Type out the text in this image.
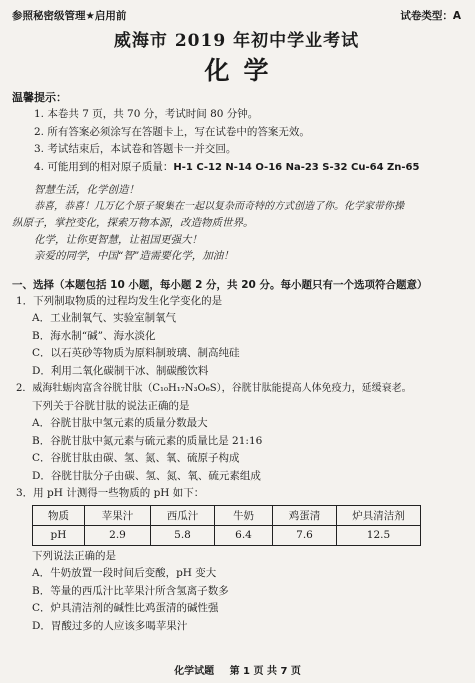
参照秘密级管理★启用前	试卷类型：A
威海市 2019 年初中学业考试
化学
温馨提示：
1. 本卷共 7 页，共 70 分，考试时间 80 分钟。
2. 所有答案必须涂写在答题卡上，写在试卷中的答案无效。
3. 考试结束后，本试卷和答题卡一并交回。
4. 可能用到的相对原子质量：H-1 C-12 N-14 O-16 Na-23 S-32 Cu-64 Zn-65
智慧生活，化学创造！
恭喜，恭喜！几万亿个原子聚集在一起以复杂而奇特的方式创造了你。化学家带你操
纵原子，掌控变化，探索万物本源，改造物质世界。
化学，让你更智慧，让祖国更强大！
亲爱的同学，中国“智”造需要化学，加油！
一、选择（本题包括 10 小题，每小题 2 分，共 20 分。每小题只有一个选项符合题意）
1．下列制取物质的过程均发生化学变化的是
A．工业制氧气、实验室制氧气
B．海水制“碱”、海水淡化
C．以石英砂等物质为原料制玻璃、制高纯硅
D．利用二氧化碳制干冰、制碳酸饮料
2．威海牡蛎肉富含谷胱甘肽（C₁₀H₁₇N₃O₆S），谷胱甘肽能提高人体免疫力，延缓衰老。
下列关于谷胱甘肽的说法正确的是
A．谷胱甘肽中氢元素的质量分数最大
B．谷胱甘肽中氮元素与硫元素的质量比是 21:16
C．谷胱甘肽由碳、氢、氮、氧、硫原子构成
D．谷胱甘肽分子由碳、氢、氮、氧、硫元素组成
3．用 pH 计测得一些物质的 pH 如下：
物质	苹果汁	西瓜汁	牛奶	鸡蛋清	炉具清洁剂
pH	2.9	5.8	6.4	7.6	12.5
下列说法正确的是
A．牛奶放置一段时间后变酸，pH 变大
B．等量的西瓜汁比苹果汁所含氢离子数多
C．炉具清洁剂的碱性比鸡蛋清的碱性强
D．胃酸过多的人应该多喝苹果汁
化学试题 第 1 页 共 7 页
